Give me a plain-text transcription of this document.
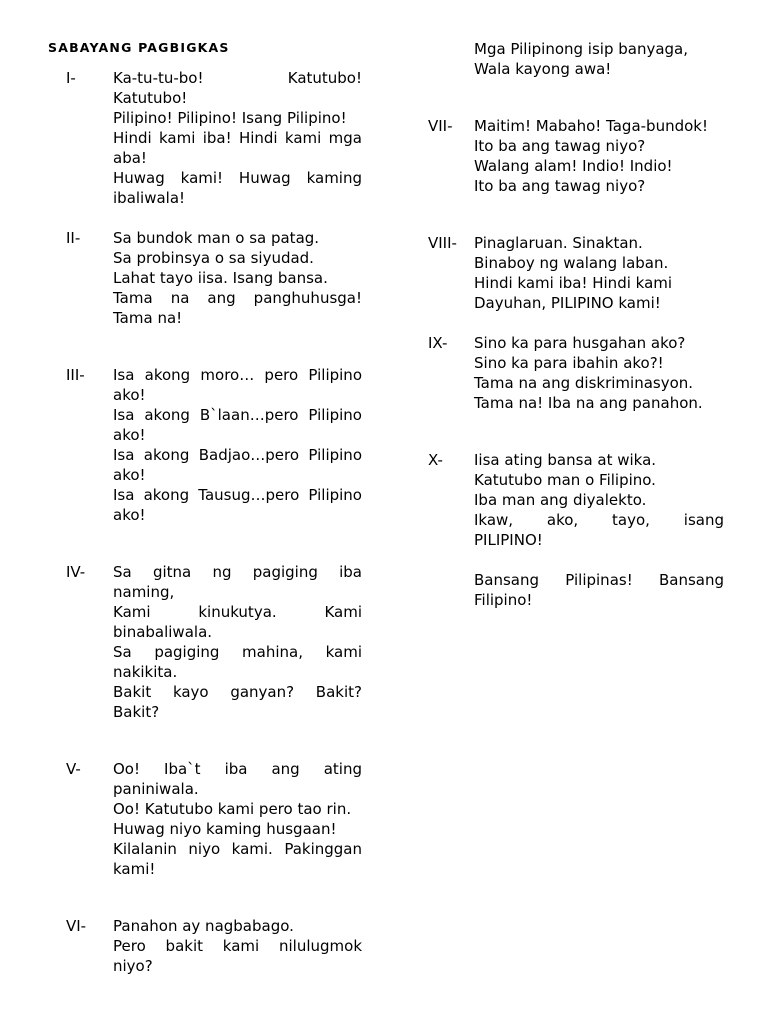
SABAYANG PAGBIGKAS
I-	Ka-tu-tu-bo! Katutubo!
Katutubo!
Pilipino! Pilipino! Isang Pilipino!
Hindi kami iba! Hindi kami mga
aba!
Huwag kami! Huwag kaming
ibaliwala!
II-	Sa bundok man o sa patag.
Sa probinsya o sa siyudad.
Lahat tayo iisa. Isang bansa.
Tama na ang panghuhusga!
Tama na!
III-	Isa akong moro… pero Pilipino
ako!
Isa akong B`laan…pero Pilipino
ako!
Isa akong Badjao…pero Pilipino
ako!
Isa akong Tausug…pero Pilipino
ako!
IV-	Sa gitna ng pagiging iba
naming,
Kami kinukutya. Kami
binabaliwala.
Sa pagiging mahina, kami
nakikita.
Bakit kayo ganyan? Bakit?
Bakit?
V-	Oo! Iba`t iba ang ating
paniniwala.
Oo! Katutubo kami pero tao rin.
Huwag niyo kaming husgaan!
Kilalanin niyo kami. Pakinggan
kami!
VI-	Panahon ay nagbabago.
Pero bakit kami nilulugmok
niyo?
Mga Pilipinong isip banyaga,
Wala kayong awa!
VII-	Maitim! Mabaho! Taga-bundok!
Ito ba ang tawag niyo?
Walang alam! Indio! Indio!
Ito ba ang tawag niyo?
VIII-	Pinaglaruan. Sinaktan.
Binaboy ng walang laban.
Hindi kami iba! Hindi kami
Dayuhan, PILIPINO kami!
IX-	Sino ka para husgahan ako?
Sino ka para ibahin ako?!
Tama na ang diskriminasyon.
Tama na! Iba na ang panahon.
X-	Iisa ating bansa at wika.
Katutubo man o Filipino.
Iba man ang diyalekto.
Ikaw, ako, tayo, isang
PILIPINO!
Bansang Pilipinas! Bansang
Filipino!
